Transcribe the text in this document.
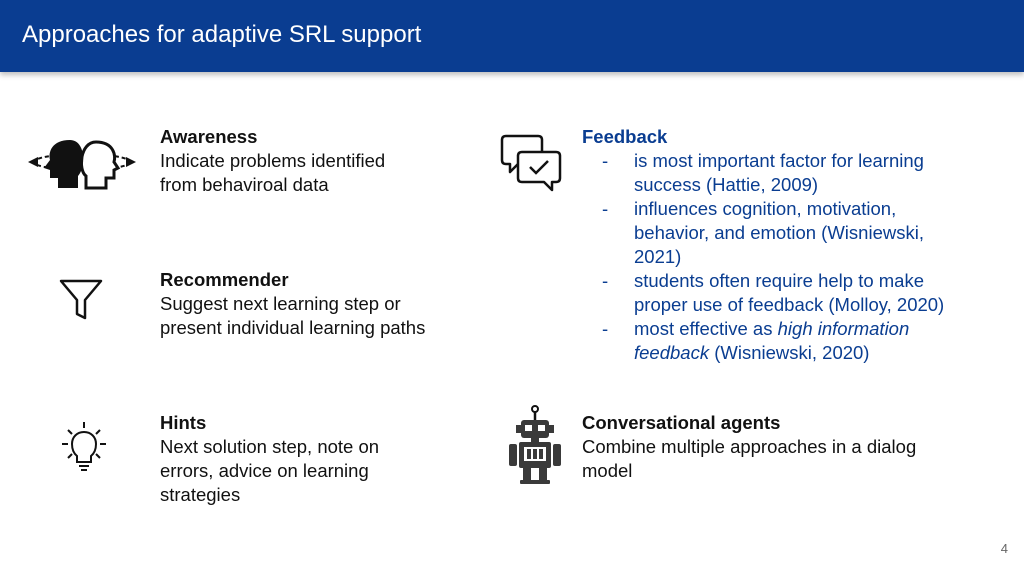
Approaches for adaptive SRL support
Awareness
Indicate problems identified
from behaviroal data
Recommender
Suggest next learning step or
present individual learning paths
Hints
Next solution step, note on
errors, advice on learning
strategies
Feedback
- is most important factor for learning
success (Hattie, 2009)
- influences cognition, motivation,
behavior, and emotion (Wisniewski,
2021)
- students often require help to make
proper use of feedback (Molloy, 2020)
- most effective as high information
feedback (Wisniewski, 2020)
Conversational agents
Combine multiple approaches in a dialog
model
4
